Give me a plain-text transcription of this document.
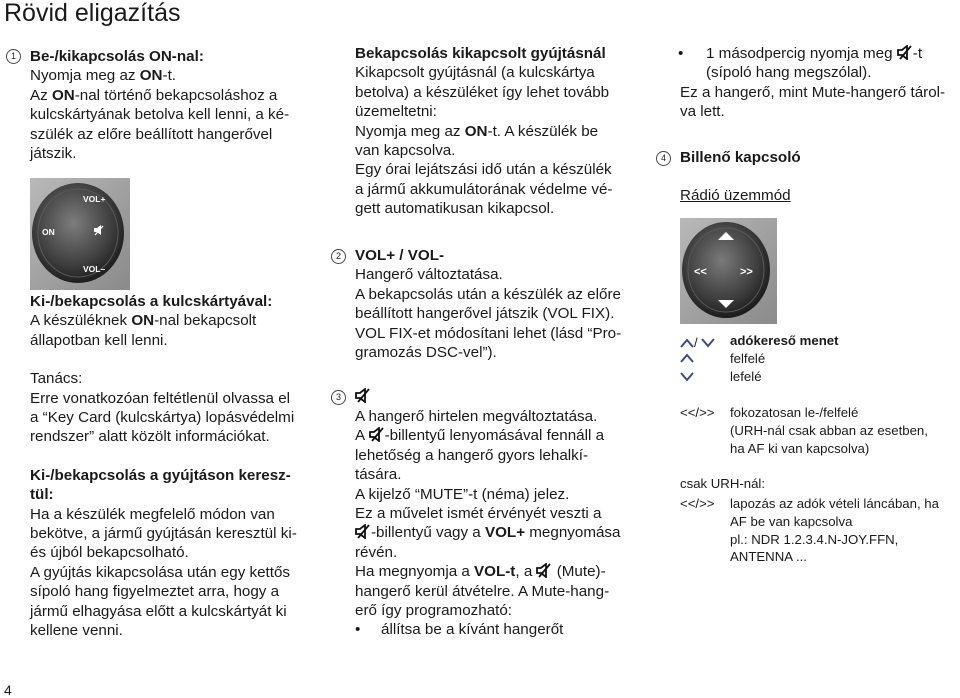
Rövid eligazítás
1 Be-/kikapcsolás ON-nal:

Nyomja meg az ON-t.

Az ON-nal történő bekapcsoláshoz a

kulcskártyának betolva kell lenni, a ké-

szülék az előre beállított hangerővel

játszik.

VOL+
ON
VOL–

Ki-/bekapcsolás a kulcskártyával:

A készüléknek ON-nal bekapcsolt

állapotban kell lenni.

Tanács:

Erre vonatkozóan feltétlenül olvassa el

a “Key Card (kulcskártya) lopásvédelmi

rendszer” alatt közölt információkat.

Ki-/bekapcsolás a gyújtáson keresz-

tül:

Ha a készülék megfelelő módon van

bekötve, a jármű gyújtásán keresztül ki-

és újból bekapcsolható.

A gyújtás kikapcsolása után egy kettős

sípoló hang figyelmeztet arra, hogy a

jármű elhagyása előtt a kulcskártyát ki

kellene venni.

Bekapcsolás kikapcsolt gyújtásnál

Kikapcsolt gyújtásnál (a kulcskártya

betolva) a készüléket így lehet tovább

üzemeltetni:

Nyomja meg az ON-t. A készülék be

van kapcsolva.

Egy órai lejátszási idő után a készülék

a jármű akkumulátorának védelme vé-

gett automatikusan kikapcsol.

2 VOL+ / VOL-

Hangerő változtatása.

A bekapcsolás után a készülék az előre

beállított hangerővel játszik (VOL FIX).

VOL FIX-et módosítani lehet (lásd “Pro-

gramozás DSC-vel”).

3

A hangerő hirtelen megváltoztatása.

A -billentyű lenyomásával fennáll a

lehetőség a hangerő gyors lehalkí-

tására.

A kijelző “MUTE”-t (néma) jelez.

Ez a művelet ismét érvényét veszti a

-billentyű vagy a VOL+ megnyomása

révén.

Ha megnyomja a VOL-t, a  (Mute)-

hangerő kerül átvételre. A Mute-hang-

erő így programozható:

• állítsa be a kívánt hangerőt

• 1 másodpercig nyomja meg -t

(sípoló hang megszólal).

Ez a hangerő, mint Mute-hangerő tárol-

va lett.

4 Billenő kapcsoló

Rádió üzemmód

<<	>>
/	adókereső menet
felfelé
lefelé
<</>>	fokozatosan le-/felfelé
(URH-nál csak abban az esetben,
ha AF ki van kapcsolva)
csak URH-nál:
<</>>	lapozás az adók vételi láncában, ha
AF be van kapcsolva
pl.: NDR 1.2.3.4.N-JOY.FFN,
ANTENNA ...
4
